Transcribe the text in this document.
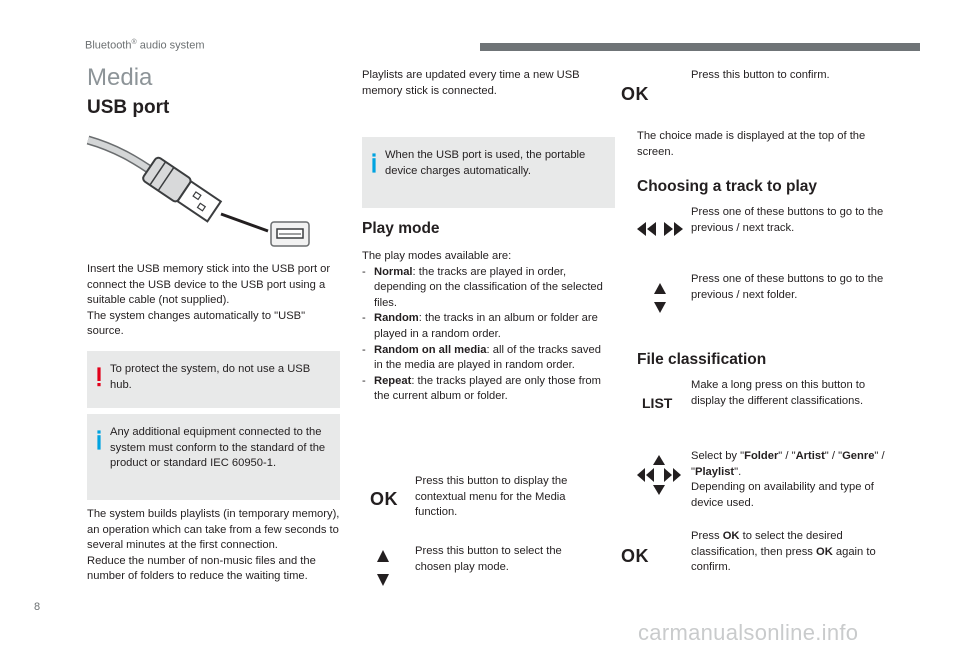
Bluetooth® audio system
Media
USB port
Insert the USB memory stick into the USB port or connect the USB device to the USB port using a suitable cable (not supplied).
The system changes automatically to "USB" source.
To protect the system, do not use a USB hub.
Any additional equipment connected to the system must conform to the standard of the product or standard IEC 60950-1.
The system builds playlists (in temporary memory), an operation which can take from a few seconds to several minutes at the first connection.
Reduce the number of non-music files and the number of folders to reduce the waiting time.
Playlists are updated every time a new USB memory stick is connected.
When the USB port is used, the portable device charges automatically.
Play mode
The play modes available are:
- Normal: the tracks are played in order, depending on the classification of the selected files.
- Random: the tracks in an album or folder are played in a random order.
- Random on all media: all of the tracks saved in the media are played in random order.
- Repeat: the tracks played are only those from the current album or folder.
OK
Press this button to display the contextual menu for the Media function.
Press this button to select the chosen play mode.
OK
Press this button to confirm.
The choice made is displayed at the top of the screen.
Choosing a track to play
Press one of these buttons to go to the previous / next track.
Press one of these buttons to go to the previous / next folder.
File classification
LIST
Make a long press on this button to display the different classifications.
Select by "Folder" / "Artist" / "Genre" / "Playlist".
Depending on availability and type of device used.
OK
Press OK to select the desired classification, then press OK again to confirm.
8
carmanualsonline.info
